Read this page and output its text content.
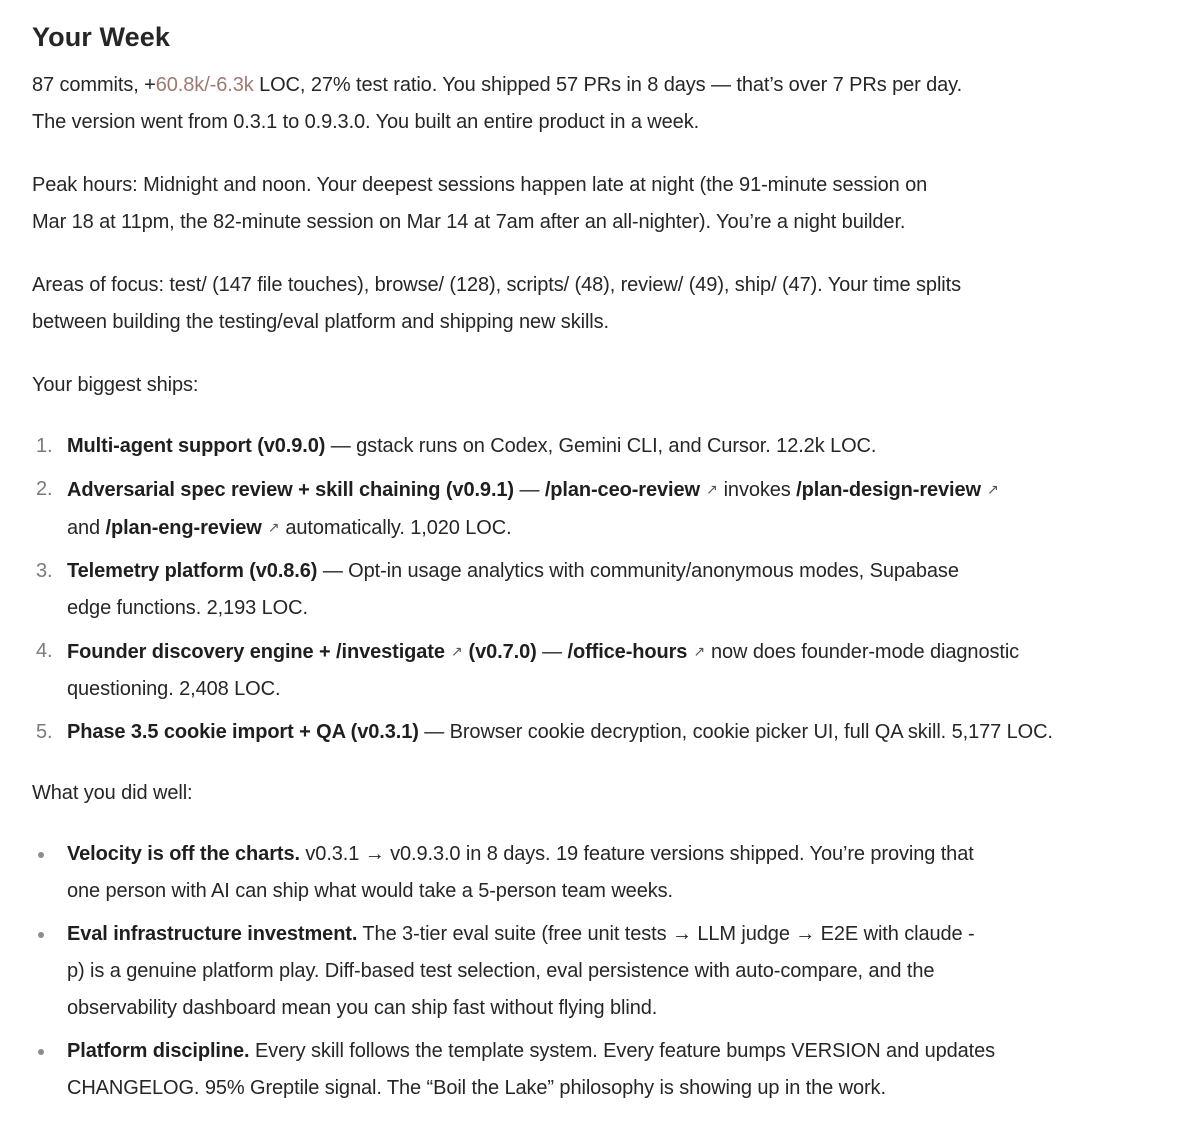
Your Week

87 commits, +60.8k/-6.3k LOC, 27% test ratio. You shipped 57 PRs in 8 days — that’s over 7 PRs per day.
The version went from 0.3.1 to 0.9.3.0. You built an entire product in a week.

Peak hours: Midnight and noon. Your deepest sessions happen late at night (the 91-minute session on
Mar 18 at 11pm, the 82-minute session on Mar 14 at 7am after an all-nighter). You’re a night builder.

Areas of focus: test/ (147 file touches), browse/ (128), scripts/ (48), review/ (49), ship/ (47). Your time splits
between building the testing/eval platform and shipping new skills.

Your biggest ships:

1. Multi-agent support (v0.9.0) — gstack runs on Codex, Gemini CLI, and Cursor. 12.2k LOC.
2. Adversarial spec review + skill chaining (v0.9.1) — /plan-ceo-review ↗ invokes /plan-design-review ↗
and /plan-eng-review ↗ automatically. 1,020 LOC.
3. Telemetry platform (v0.8.6) — Opt-in usage analytics with community/anonymous modes, Supabase
edge functions. 2,193 LOC.
4. Founder discovery engine + /investigate ↗ (v0.7.0) — /office-hours ↗ now does founder-mode diagnostic
questioning. 2,408 LOC.
5. Phase 3.5 cookie import + QA (v0.3.1) — Browser cookie decryption, cookie picker UI, full QA skill. 5,177 LOC.

What you did well:

Velocity is off the charts. v0.3.1 → v0.9.3.0 in 8 days. 19 feature versions shipped. You’re proving that
one person with AI can ship what would take a 5-person team weeks.
Eval infrastructure investment. The 3-tier eval suite (free unit tests → LLM judge → E2E with claude -
p) is a genuine platform play. Diff-based test selection, eval persistence with auto-compare, and the
observability dashboard mean you can ship fast without flying blind.
Platform discipline. Every skill follows the template system. Every feature bumps VERSION and updates
CHANGELOG. 95% Greptile signal. The “Boil the Lake” philosophy is showing up in the work.
